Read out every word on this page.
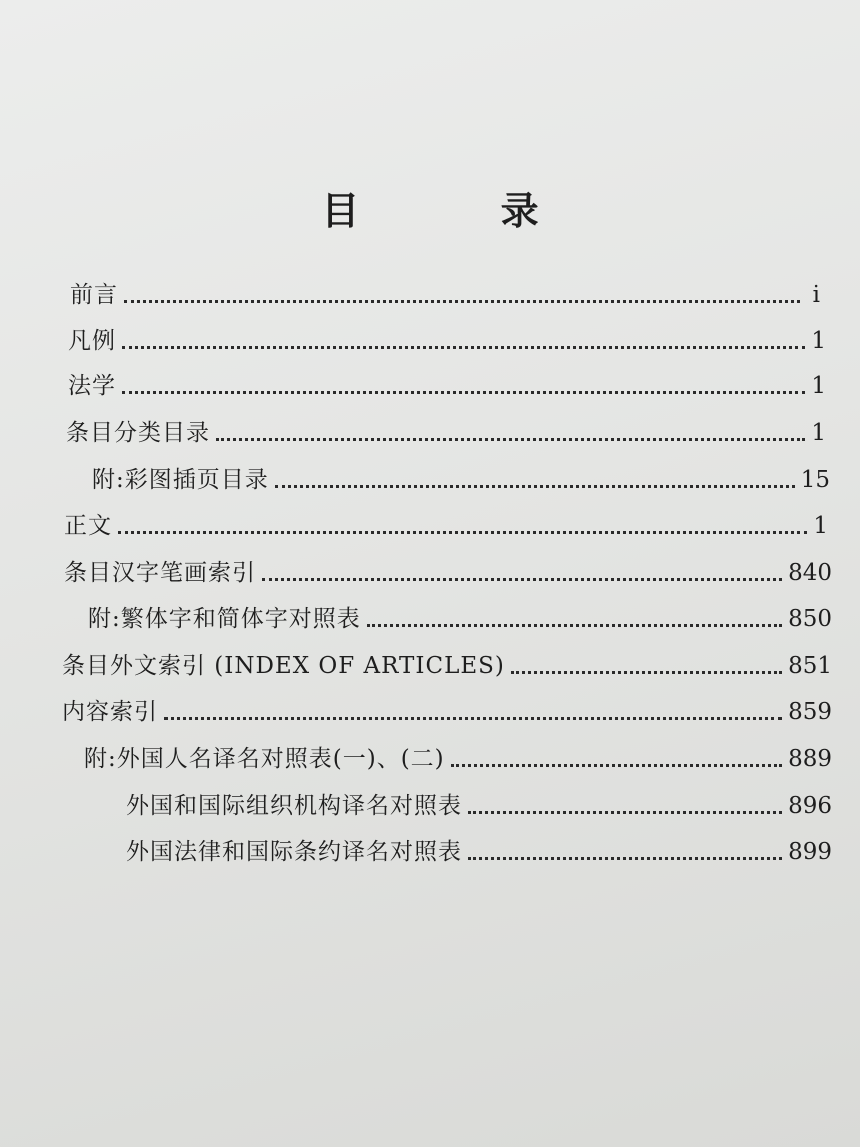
目 录
前言	i
凡例	1
法学	1
条目分类目录	1
附:彩图插页目录	15
正文	1
条目汉字笔画索引	840
附:繁体字和简体字对照表	850
条目外文索引 (INDEX OF ARTICLES)	851
内容索引	859
附:外国人名译名对照表(一)、(二)	889
外国和国际组织机构译名对照表	896
外国法律和国际条约译名对照表	899
